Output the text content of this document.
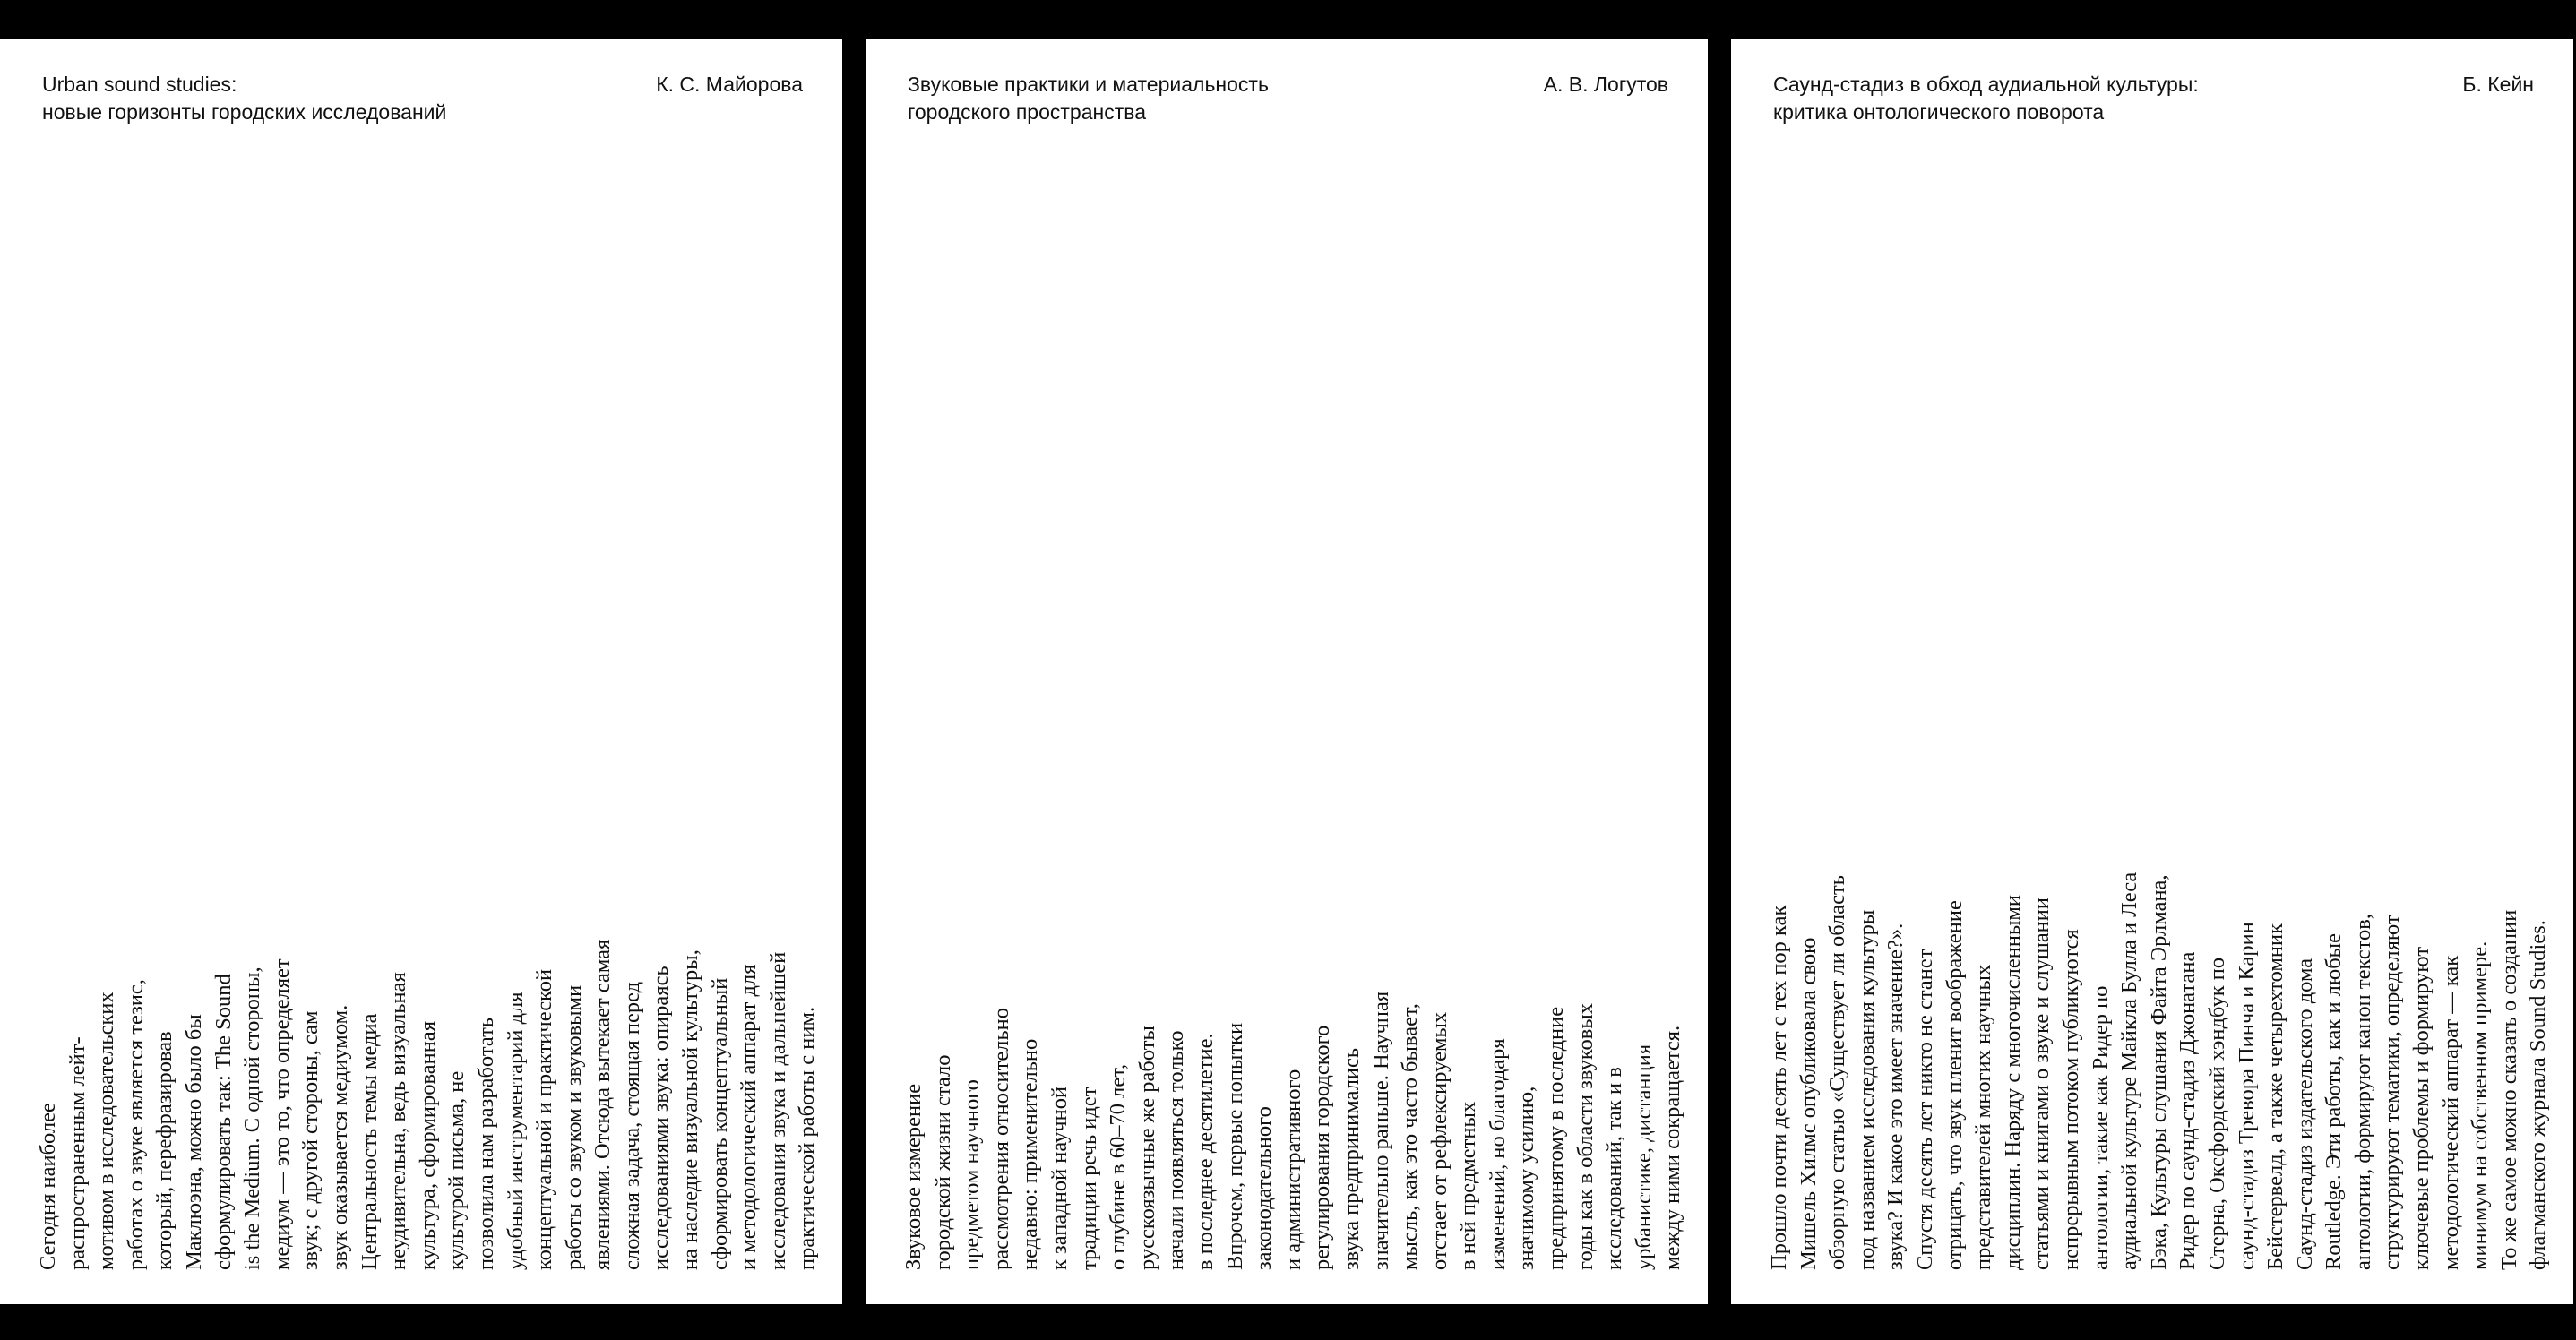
Urban sound studies:
новые горизонты городских исследований
К. С. Майорова

Сегодня наиболее
распространенным лейт-
мотивом в исследовательских
работах о звуке является тезис,
который, перефразировав
Маклюэна, можно было бы
сформулировать так: The Sound
is the Medium. С одной стороны,
медиум — это то, что определяет
звук; с другой стороны, сам
звук оказывается медиумом.
Центральность темы медиа
неудивительна, ведь визуальная
культура, сформированная
культурой письма, не
позволила нам разработать
удобный инструментарий для
концептуальной и практической
работы со звуком и звуковыми
явлениями. Отсюда вытекает самая
сложная задача, стоящая перед
исследованиями звука: опираясь
на наследие визуальной культуры,
сформировать концептуальный
и методологический аппарат для
исследования звука и дальнейшей
практической работы с ним.

Звуковые практики и материальность
городского пространства
А. В. Логутов

Звуковое измерение
городской жизни стало
предметом научного
рассмотрения относительно
недавно: применительно
к западной научной
традиции речь идет
о глубине в 60–70 лет,
русскоязычные же работы
начали появляться только
в последнее десятилетие.
Впрочем, первые попытки
законодательного
и административного
регулирования городского
звука предпринимались
значительно раньше. Научная
мысль, как это часто бывает,
отстает от рефлексируемых
в ней предметных
изменений, но благодаря
значимому усилию,
предпринятому в последние
годы как в области звуковых
исследований, так и в
урбанистике, дистанция
между ними сокращается.

Саунд-стадиз в обход аудиальной культуры:
критика онтологического поворота
Б. Кейн

Прошло почти десять лет с тех пор как
Мишель Хилмс опубликовала свою
обзорную статью «Существует ли область
под названием исследования культуры
звука? И какое это имеет значение?».
Спустя десять лет никто не станет
отрицать, что звук пленит воображение
представителей многих научных
дисциплин. Наряду с многочисленными
статьями и книгами о звуке и слушании
непрерывным потоком публикуются
антологии, такие как Ридер по
аудиальной культуре Майкла Булла и Леса
Бэка, Культуры слушания Файта Эрлмана,
Ридер по саунд-стадиз Джонатана
Стерна, Оксфордский хэндбук по
саунд-стадиз Тревора Пинча и Карин
Бейстервелд, а также четырехтомник
Саунд-стадиз издательского дома
Routledge. Эти работы, как и любые
антологии, формируют канон текстов,
структурируют тематики, определяют
ключевые проблемы и формируют
методологический аппарат — как
минимум на собственном примере.
То же самое можно сказать о создании
флагманского журнала Sound Studies.
